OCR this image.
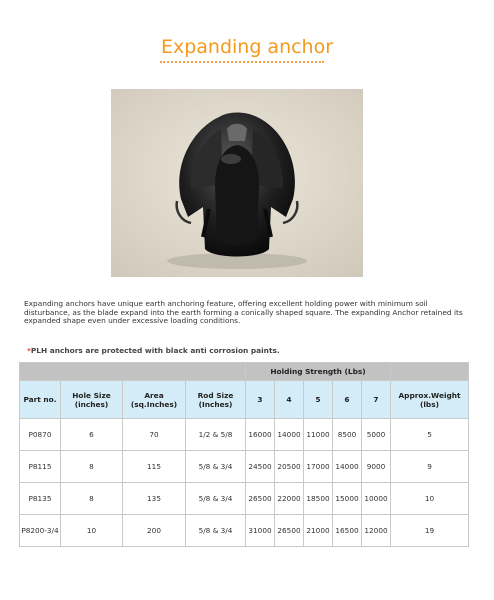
Expanding anchor
Expanding anchors have unique earth anchoring feature, offering excellent holding power with minimum soil disturbance, as the blade expand into the earth forming a conically shaped square. The expanding Anchor retained its expanded shape even under excessive loading conditions.
*PLH anchors are protected with black anti corrosion paints.
				Holding Strength (Lbs)					
Part no.	Hole Size (inches)	Area (sq.Inches)	Rod Size (Inches)	3	4	5	6	7	Approx.Weight (lbs)
P0870	6	70	1/2 & 5/8	16000	14000	11000	8500	5000	5
P8115	8	115	5/8 & 3/4	24500	20500	17000	14000	9000	9
P8135	8	135	5/8 & 3/4	26500	22000	18500	15000	10000	10
P8200-3/4	10	200	5/8 & 3/4	31000	26500	21000	16500	12000	19
